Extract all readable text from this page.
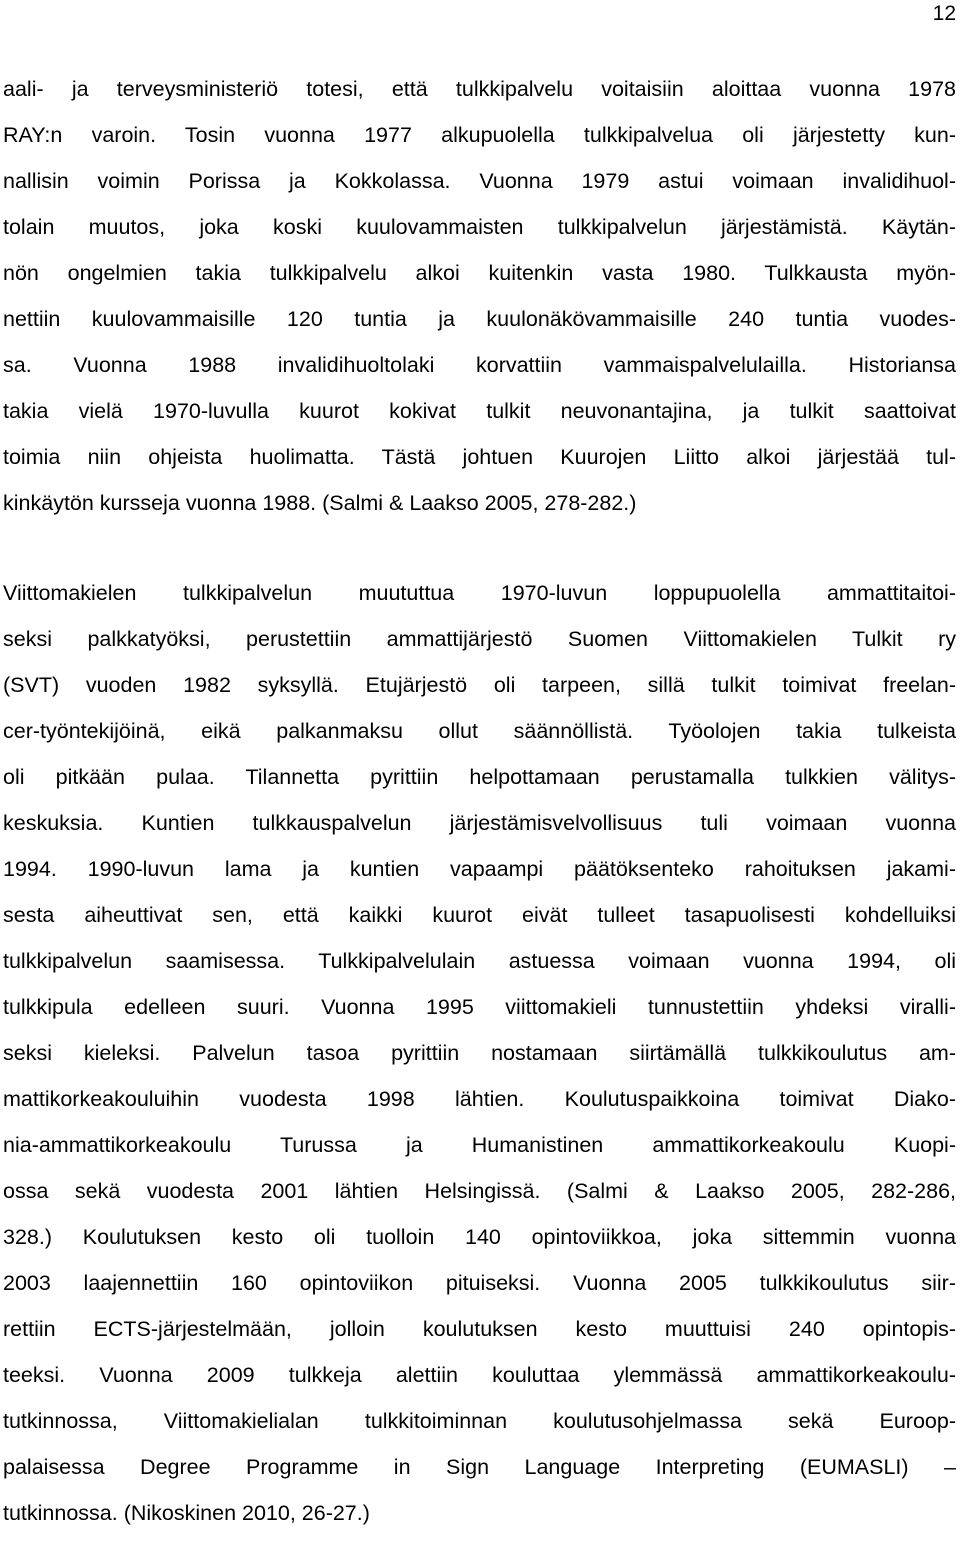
12
aali- ja terveysministeriö totesi, että tulkkipalvelu voitaisiin aloittaa vuonna 1978
RAY:n varoin. Tosin vuonna 1977 alkupuolella tulkkipalvelua oli järjestetty kun-
nallisin voimin Porissa ja Kokkolassa. Vuonna 1979 astui voimaan invalidihuol-
tolain muutos, joka koski kuulovammaisten tulkkipalvelun järjestämistä. Käytän-
nön ongelmien takia tulkkipalvelu alkoi kuitenkin vasta 1980. Tulkkausta myön-
nettiin kuulovammaisille 120 tuntia ja kuulonäkövammaisille 240 tuntia vuodes-
sa. Vuonna 1988 invalidihuoltolaki korvattiin vammaispalvelulailla. Historiansa
takia vielä 1970-luvulla kuurot kokivat tulkit neuvonantajina, ja tulkit saattoivat
toimia niin ohjeista huolimatta. Tästä johtuen Kuurojen Liitto alkoi järjestää tul-
kinkäytön kursseja vuonna 1988. (Salmi & Laakso 2005, 278-282.)
Viittomakielen tulkkipalvelun muututtua 1970-luvun loppupuolella ammattitaitoi-
seksi palkkatyöksi, perustettiin ammattijärjestö Suomen Viittomakielen Tulkit ry
(SVT) vuoden 1982 syksyllä. Etujärjestö oli tarpeen, sillä tulkit toimivat freelan-
cer-työntekijöinä, eikä palkanmaksu ollut säännöllistä. Työolojen takia tulkeista
oli pitkään pulaa. Tilannetta pyrittiin helpottamaan perustamalla tulkkien välitys-
keskuksia. Kuntien tulkkauspalvelun järjestämisvelvollisuus tuli voimaan vuonna
1994. 1990-luvun lama ja kuntien vapaampi päätöksenteko rahoituksen jakami-
sesta aiheuttivat sen, että kaikki kuurot eivät tulleet tasapuolisesti kohdelluiksi
tulkkipalvelun saamisessa. Tulkkipalvelulain astuessa voimaan vuonna 1994, oli
tulkkipula edelleen suuri. Vuonna 1995 viittomakieli tunnustettiin yhdeksi viralli-
seksi kieleksi. Palvelun tasoa pyrittiin nostamaan siirtämällä tulkkikoulutus am-
mattikorkeakouluihin vuodesta 1998 lähtien. Koulutuspaikkoina toimivat Diako-
nia-ammattikorkeakoulu Turussa ja Humanistinen ammattikorkeakoulu Kuopi-
ossa sekä vuodesta 2001 lähtien Helsingissä. (Salmi & Laakso 2005, 282-286,
328.) Koulutuksen kesto oli tuolloin 140 opintoviikkoa, joka sittemmin vuonna
2003 laajennettiin 160 opintoviikon pituiseksi. Vuonna 2005 tulkkikoulutus siir-
rettiin ECTS-järjestelmään, jolloin koulutuksen kesto muuttuisi 240 opintopis-
teeksi. Vuonna 2009 tulkkeja alettiin kouluttaa ylemmässä ammattikorkeakoulu-
tutkinnossa, Viittomakielialan tulkkitoiminnan koulutusohjelmassa sekä Euroop-
palaisessa Degree Programme in Sign Language Interpreting (EUMASLI) –
tutkinnossa. (Nikoskinen 2010, 26-27.)
